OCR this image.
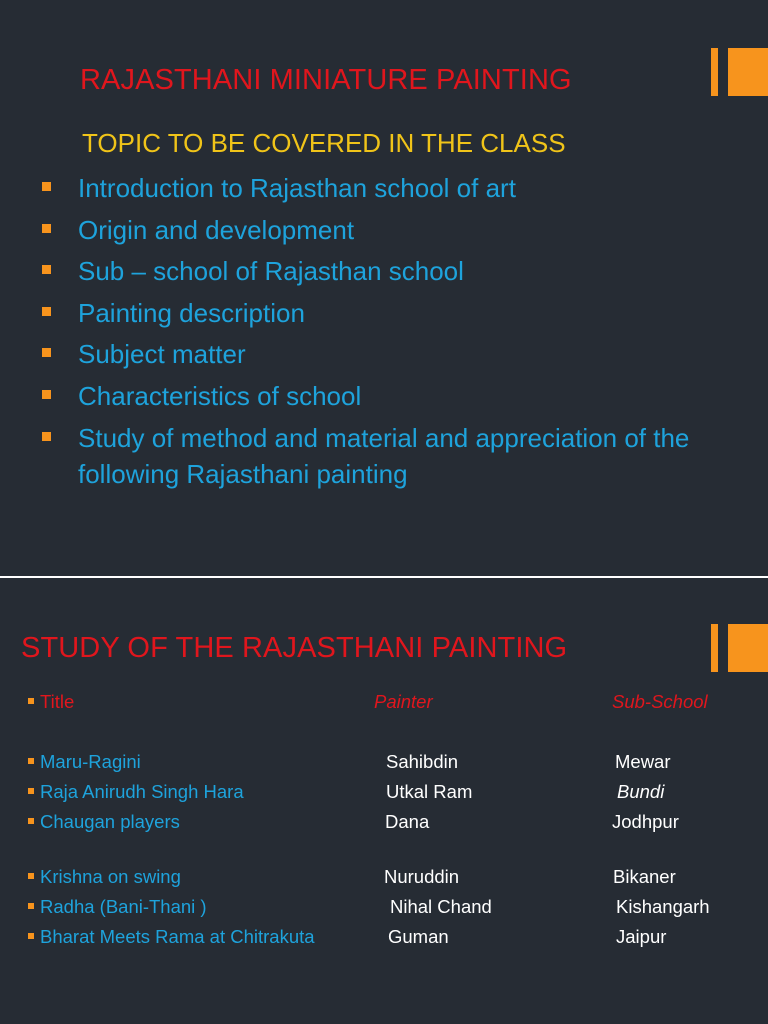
RAJASTHANI MINIATURE PAINTING
TOPIC TO BE COVERED IN THE CLASS
Introduction to Rajasthan school of art
Origin and development
Sub – school of Rajasthan school
Painting description
Subject matter
Characteristics of school
Study of method and material and appreciation of the following Rajasthani painting
STUDY OF THE RAJASTHANI PAINTING
Title	Painter	Sub-School
Maru-Ragini	Sahibdin	Mewar
Raja Anirudh Singh Hara	Utkal Ram	Bundi
Chaugan players	Dana	Jodhpur
Krishna on swing	Nuruddin	Bikaner
Radha (Bani-Thani )	Nihal Chand	Kishangarh
Bharat Meets Rama at Chitrakuta	Guman	Jaipur
